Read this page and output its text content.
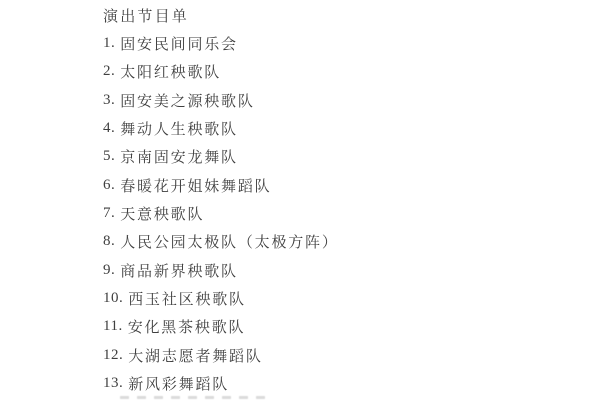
演出节目单
1. 固安民间同乐会
2. 太阳红秧歌队
3. 固安美之源秧歌队
4. 舞动人生秧歌队
5. 京南固安龙舞队
6. 春暖花开姐妹舞蹈队
7. 天意秧歌队
8. 人民公园太极队（太极方阵）
9. 商品新界秧歌队
10. 西玉社区秧歌队
11. 安化黑茶秧歌队
12. 大湖志愿者舞蹈队
13. 新风彩舞蹈队
